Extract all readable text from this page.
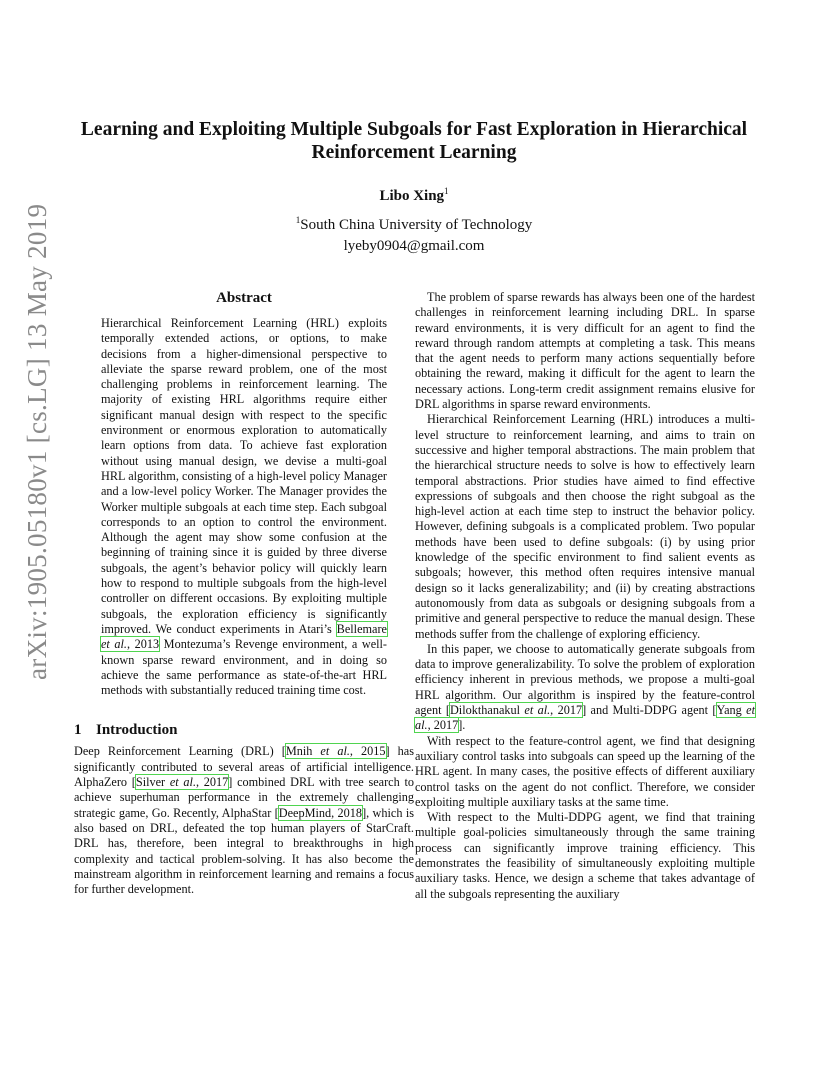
arXiv:1905.05180v1 [cs.LG] 13 May 2019
Learning and Exploiting Multiple Subgoals for Fast Exploration in Hierarchical Reinforcement Learning
Libo Xing$^1$
$^1$South China University of Technology
lyeby0904@gmail.com
Abstract

Hierarchical Reinforcement Learning (HRL) exploits temporally extended actions, or options, to make decisions from a higher-dimensional perspective to alleviate the sparse reward problem, one of the most challenging problems in reinforcement learning. The majority of existing HRL algorithms require either significant manual design with respect to the specific environment or enormous exploration to automatically learn options from data. To achieve fast exploration without using manual design, we devise a multi-goal HRL algorithm, consisting of a high-level policy Manager and a low-level policy Worker. The Manager provides the Worker multiple subgoals at each time step. Each subgoal corresponds to an option to control the environment. Although the agent may show some confusion at the beginning of training since it is guided by three diverse subgoals, the agent’s behavior policy will quickly learn how to respond to multiple subgoals from the high-level controller on different occasions. By exploiting multiple subgoals, the exploration efficiency is significantly improved. We conduct experiments in Atari’s Bellemare et al., 2013 Montezuma’s Revenge environment, a well-known sparse reward environment, and in doing so achieve the same performance as state-of-the-art HRL methods with substantially reduced training time cost.

1 Introduction

Deep Reinforcement Learning (DRL) [Mnih et al., 2015] has significantly contributed to several areas of artificial intelligence. AlphaZero [Silver et al., 2017] combined DRL with tree search to achieve superhuman performance in the extremely challenging strategic game, Go. Recently, AlphaStar [DeepMind, 2018], which is also based on DRL, defeated the top human players of StarCraft. DRL has, therefore, been integral to breakthroughs in high complexity and tactical problem-solving. It has also become the mainstream algorithm in reinforcement learning and remains a focus for further development.

The problem of sparse rewards has always been one of the hardest challenges in reinforcement learning including DRL. In sparse reward environments, it is very difficult for an agent to find the reward through random attempts at completing a task. This means that the agent needs to perform many actions sequentially before obtaining the reward, making it difficult for the agent to learn the necessary actions. Long-term credit assignment remains elusive for DRL algorithms in sparse reward environments.

Hierarchical Reinforcement Learning (HRL) introduces a multi-level structure to reinforcement learning, and aims to train on successive and higher temporal abstractions. The main problem that the hierarchical structure needs to solve is how to effectively learn temporal abstractions. Prior studies have aimed to find effective expressions of subgoals and then choose the right subgoal as the high-level action at each time step to instruct the behavior policy. However, defining subgoals is a complicated problem. Two popular methods have been used to define subgoals: (i) by using prior knowledge of the specific environment to find salient events as subgoals; however, this method often requires intensive manual design so it lacks generalizability; and (ii) by creating abstractions autonomously from data as subgoals or designing subgoals from a primitive and general perspective to reduce the manual design. These methods suffer from the challenge of exploring efficiency.

In this paper, we choose to automatically generate subgoals from data to improve generalizability. To solve the problem of exploration efficiency inherent in previous methods, we propose a multi-goal HRL algorithm. Our algorithm is inspired by the feature-control agent [Dilokthanakul et al., 2017] and Multi-DDPG agent [Yang et al., 2017].

With respect to the feature-control agent, we find that designing auxiliary control tasks into subgoals can speed up the learning of the HRL agent. In many cases, the positive effects of different auxiliary control tasks on the agent do not conflict. Therefore, we consider exploiting multiple auxiliary tasks at the same time.

With respect to the Multi-DDPG agent, we find that training multiple goal-policies simultaneously through the same training process can significantly improve training efficiency. This demonstrates the feasibility of simultaneously exploiting multiple auxiliary tasks. Hence, we design a scheme that takes advantage of all the subgoals representing the auxiliary
